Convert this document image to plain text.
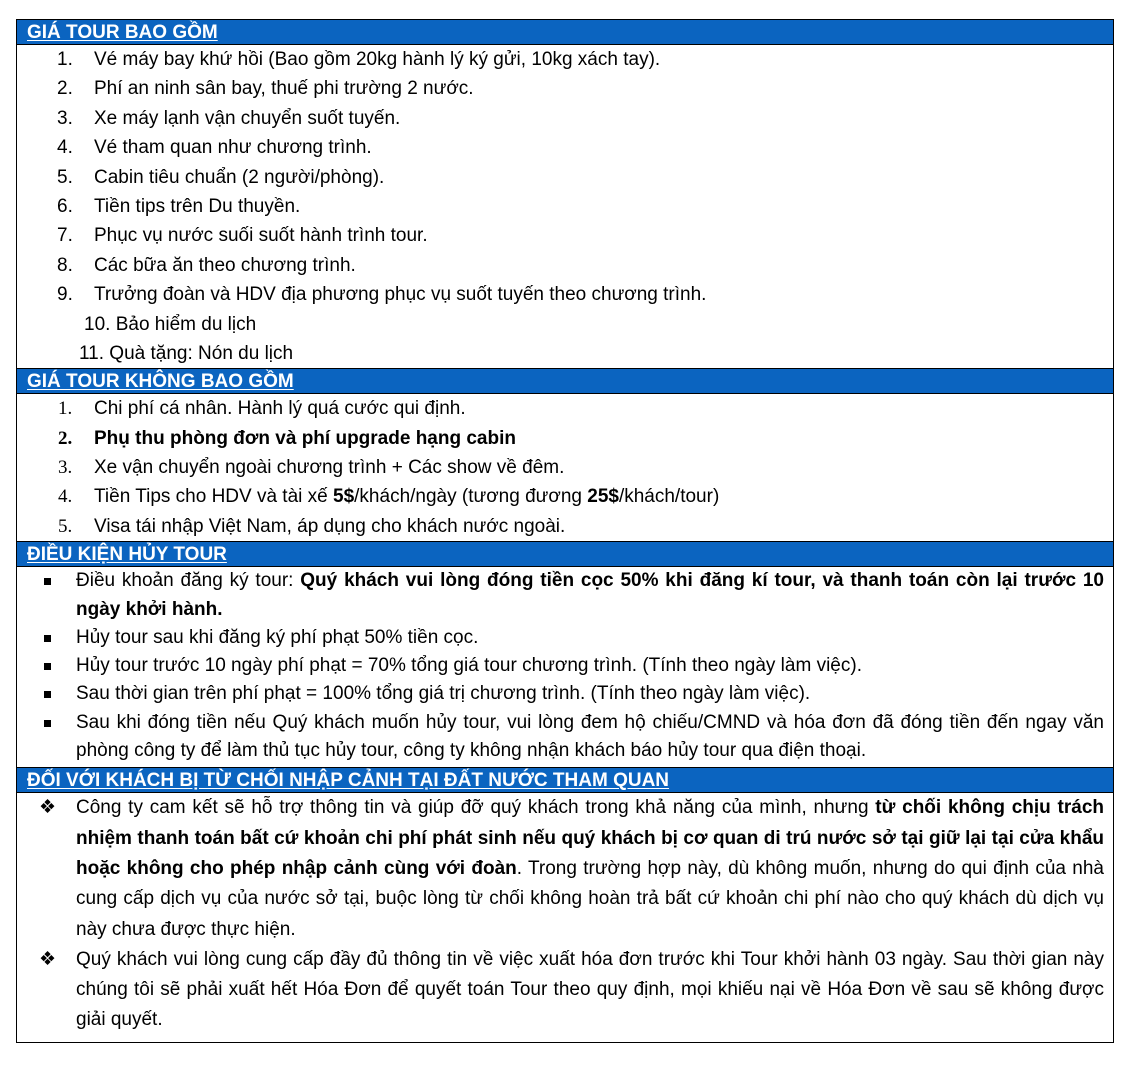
GIÁ TOUR BAO GỒM
1. Vé máy bay khứ hồi (Bao gồm 20kg hành lý ký gửi, 10kg xách tay).
2. Phí an ninh sân bay, thuế phi trường 2 nước.
3. Xe máy lạnh vận chuyển suốt tuyến.
4. Vé tham quan như chương trình.
5. Cabin tiêu chuẩn (2 người/phòng).
6. Tiền tips trên Du thuyền.
7. Phục vụ nước suối suốt hành trình tour.
8. Các bữa ăn theo chương trình.
9. Trưởng đoàn và HDV địa phương phục vụ suốt tuyến theo chương trình.
10. Bảo hiểm du lịch
11. Quà tặng: Nón du lịch
GIÁ TOUR KHÔNG BAO GỒM
1. Chi phí cá nhân. Hành lý quá cước qui định.
2. Phụ thu phòng đơn và phí upgrade hạng cabin
3. Xe vận chuyển ngoài chương trình + Các show về đêm.
4. Tiền Tips cho HDV và tài xế 5$/khách/ngày (tương đương 25$/khách/tour)
5. Visa tái nhập Việt Nam, áp dụng cho khách nước ngoài.
ĐIỀU KIỆN HỦY TOUR
Điều khoản đăng ký tour: Quý khách vui lòng đóng tiền cọc 50% khi đăng kí tour, và thanh toán còn lại trước 10 ngày khởi hành.
Hủy tour sau khi đăng ký phí phạt 50% tiền cọc.
Hủy tour trước 10 ngày phí phạt = 70% tổng giá tour chương trình. (Tính theo ngày làm việc).
Sau thời gian trên phí phạt = 100% tổng giá trị chương trình. (Tính theo ngày làm việc).
Sau khi đóng tiền nếu Quý khách muốn hủy tour, vui lòng đem hộ chiếu/CMND và hóa đơn đã đóng tiền đến ngay văn phòng công ty để làm thủ tục hủy tour, công ty không nhận khách báo hủy tour qua điện thoại.
ĐỐI VỚI KHÁCH BỊ TỪ CHỐI NHẬP CẢNH TẠI ĐẤT NƯỚC THAM QUAN
❖ Công ty cam kết sẽ hỗ trợ thông tin và giúp đỡ quý khách trong khả năng của mình, nhưng từ chối không chịu trách nhiệm thanh toán bất cứ khoản chi phí phát sinh nếu quý khách bị cơ quan di trú nước sở tại giữ lại tại cửa khẩu hoặc không cho phép nhập cảnh cùng với đoàn. Trong trường hợp này, dù không muốn, nhưng do qui định của nhà cung cấp dịch vụ của nước sở tại, buộc lòng từ chối không hoàn trả bất cứ khoản chi phí nào cho quý khách dù dịch vụ này chưa được thực hiện.
❖ Quý khách vui lòng cung cấp đầy đủ thông tin về việc xuất hóa đơn trước khi Tour khởi hành 03 ngày. Sau thời gian này chúng tôi sẽ phải xuất hết Hóa Đơn để quyết toán Tour theo quy định, mọi khiếu nại về Hóa Đơn về sau sẽ không được giải quyết.
